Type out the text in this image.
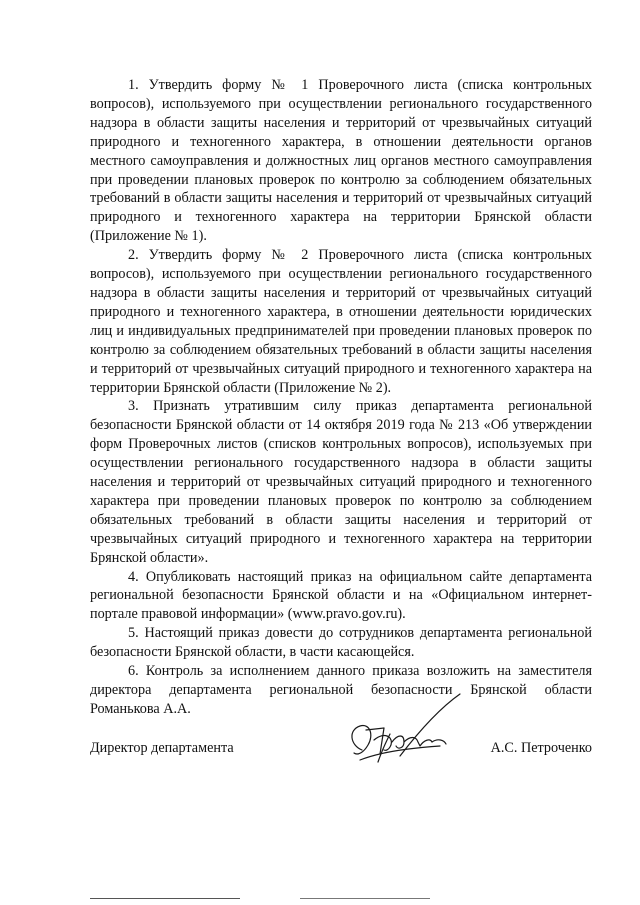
1. Утвердить форму № 1 Проверочного листа (списка контрольных вопросов), используемого при осуществлении регионального государственного надзора в области защиты населения и территорий от чрезвычайных ситуаций природного и техногенного характера, в отношении деятельности органов местного самоуправления и должностных лиц органов местного самоуправления при проведении плановых проверок по контролю за соблюдением обязательных требований в области защиты населения и территорий от чрезвычайных ситуаций природного и техногенного характера на территории Брянской области (Приложение № 1).

2. Утвердить форму № 2 Проверочного листа (списка контрольных вопросов), используемого при осуществлении регионального государственного надзора в области защиты населения и территорий от чрезвычайных ситуаций природного и техногенного характера, в отношении деятельности юридических лиц и индивидуальных предпринимателей при проведении плановых проверок по контролю за соблюдением обязательных требований в области защиты населения и территорий от чрезвычайных ситуаций природного и техногенного характера на территории Брянской области (Приложение № 2).

3. Признать утратившим силу приказ департамента региональной безопасности Брянской области от 14 октября 2019 года № 213 «Об утверждении форм Проверочных листов (списков контрольных вопросов), используемых при осуществлении регионального государственного надзора в области защиты населения и территорий от чрезвычайных ситуаций природного и техногенного характера при проведении плановых проверок по контролю за соблюдением обязательных требований в области защиты населения и территорий от чрезвычайных ситуаций природного и техногенного характера на территории Брянской области».

4. Опубликовать настоящий приказ на официальном сайте департамента региональной безопасности Брянской области и на «Официальном интернет-портале правовой информации» (www.pravo.gov.ru).

5. Настоящий приказ довести до сотрудников департамента региональной безопасности Брянской области, в части касающейся.

6. Контроль за исполнением данного приказа возложить на заместителя директора департамента региональной безопасности Брянской области Романькова А.А.

Директор департамента	А.С. Петроченко
